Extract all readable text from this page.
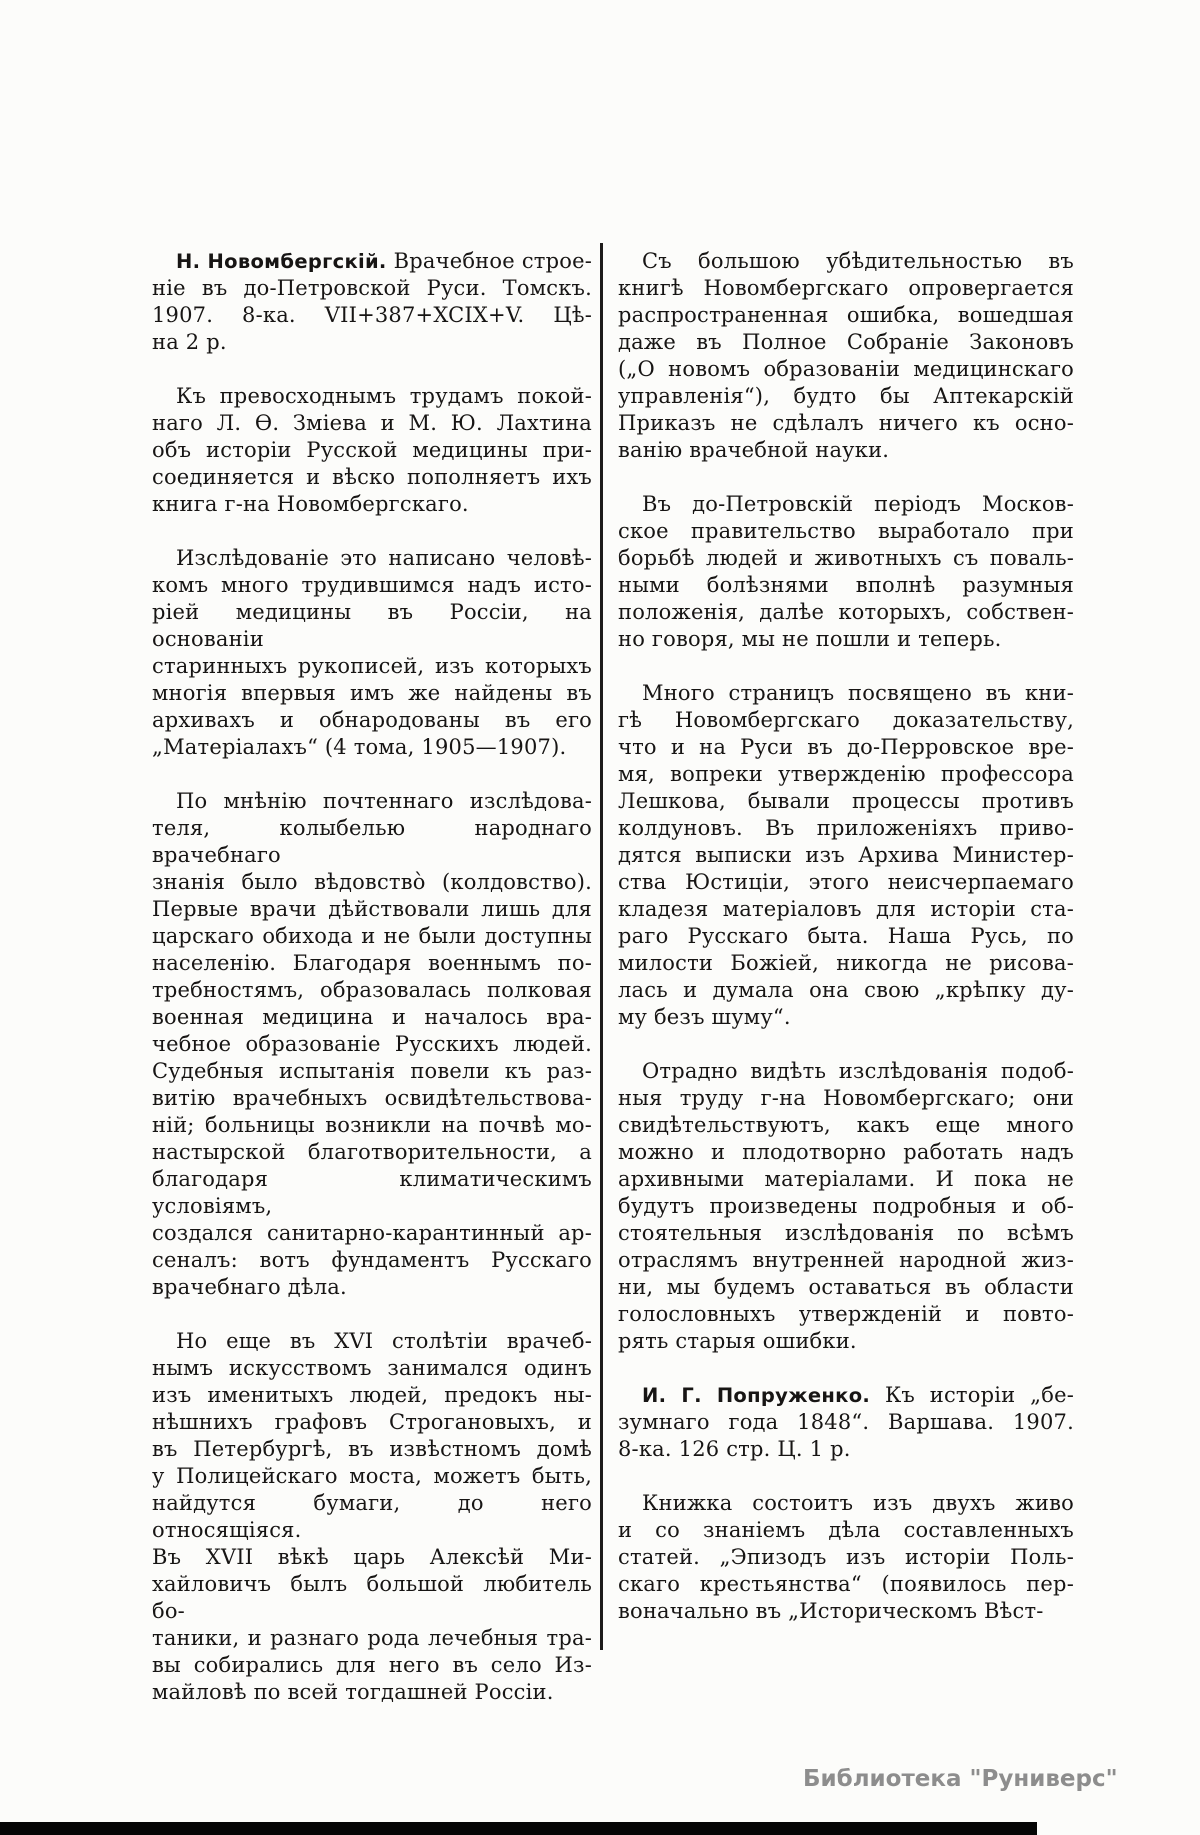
Н. Новомбергскій. Врачебное строе-
ніе въ до-Петровской Руси. Томскъ.
1907. 8-ка. VII+387+XCIX+V. Цѣ-
на 2 р.
Къ превосходнымъ трудамъ покой-
наго Л. Ѳ. Зміева и М. Ю. Лахтина
объ исторіи Русской медицины при-
соединяется и вѣско пополняетъ ихъ
книга г-на Новомбергскаго.
Изслѣдованіе это написано человѣ-
комъ много трудившимся надъ исто-
ріей медицины въ Россіи, на основаніи
старинныхъ рукописей, изъ которыхъ
многія впервыя имъ же найдены въ
архивахъ и обнародованы въ его
„Матеріалахъ“ (4 тома, 1905—1907).
По мнѣнію почтеннаго изслѣдова-
теля, колыбелью народнаго врачебнаго
знанія было вѣдовство̀ (колдовство).
Первые врачи дѣйствовали лишь для
царскаго обихода и не были доступны
населенію. Благодаря военнымъ по-
требностямъ, образовалась полковая
военная медицина и началось вра-
чебное образованіе Русскихъ людей.
Судебныя испытанія повели къ раз-
витію врачебныхъ освидѣтельствова-
ній; больницы возникли на почвѣ мо-
настырской благотворительности, а
благодаря климатическимъ условіямъ,
создался санитарно-карантинный ар-
сеналъ: вотъ фундаментъ Русскаго
врачебнаго дѣла.
Но еще въ XVI столѣтіи врачеб-
нымъ искусствомъ занимался одинъ
изъ именитыхъ людей, предокъ ны-
нѣшнихъ графовъ Строгановыхъ, и
въ Петербургѣ, въ извѣстномъ домѣ
у Полицейскаго моста, можетъ быть,
найдутся бумаги, до него относящіяся.
Въ XVII вѣкѣ царь Алексѣй Ми-
хайловичъ былъ большой любитель бо-
таники, и разнаго рода лечебныя тра-
вы собирались для него въ село Из-
майловѣ по всей тогдашней Россіи.
Съ большою убѣдительностью въ
книгѣ Новомбергскаго опровергается
распространенная ошибка, вошедшая
даже въ Полное Собраніе Законовъ
(„О новомъ образованіи медицинскаго
управленія“), будто бы Аптекарскій
Приказъ не сдѣлалъ ничего къ осно-
ванію врачебной науки.
Въ до-Петровскій періодъ Москов-
ское правительство выработало при
борьбѣ людей и животныхъ съ поваль-
ными болѣзнями вполнѣ разумныя
положенія, далѣе которыхъ, собствен-
но говоря, мы не пошли и теперь.
Много страницъ посвящено въ кни-
гѣ Новомбергскаго доказательству,
что и на Руси въ до-Перровское вре-
мя, вопреки утвержденію профессора
Лешкова, бывали процессы противъ
колдуновъ. Въ приложеніяхъ приво-
дятся выписки изъ Архива Министер-
ства Юстиціи, этого неисчерпаемаго
кладезя матеріаловъ для исторіи ста-
раго Русскаго быта. Наша Русь, по
милости Божіей, никогда не рисова-
лась и думала она свою „крѣпку ду-
му безъ шуму“.
Отрадно видѣть изслѣдованія подоб-
ныя труду г-на Новомбергскаго; они
свидѣтельствуютъ, какъ еще много
можно и плодотворно работать надъ
архивными матеріалами. И пока не
будутъ произведены подробныя и об-
стоятельныя изслѣдованія по всѣмъ
отраслямъ внутренней народной жиз-
ни, мы будемъ оставаться въ области
голословныхъ утвержденій и повто-
рять старыя ошибки.
И. Г. Попруженко. Къ исторіи „бе-
зумнаго года 1848“. Варшава. 1907.
8-ка. 126 стр. Ц. 1 р.
Книжка состоитъ изъ двухъ живо
и со знаніемъ дѣла составленныхъ
статей. „Эпизодъ изъ исторіи Поль-
скаго крестьянства“ (появилось пер-
воначально въ „Историческомъ Вѣст-
Библиотека "Руниверс"
